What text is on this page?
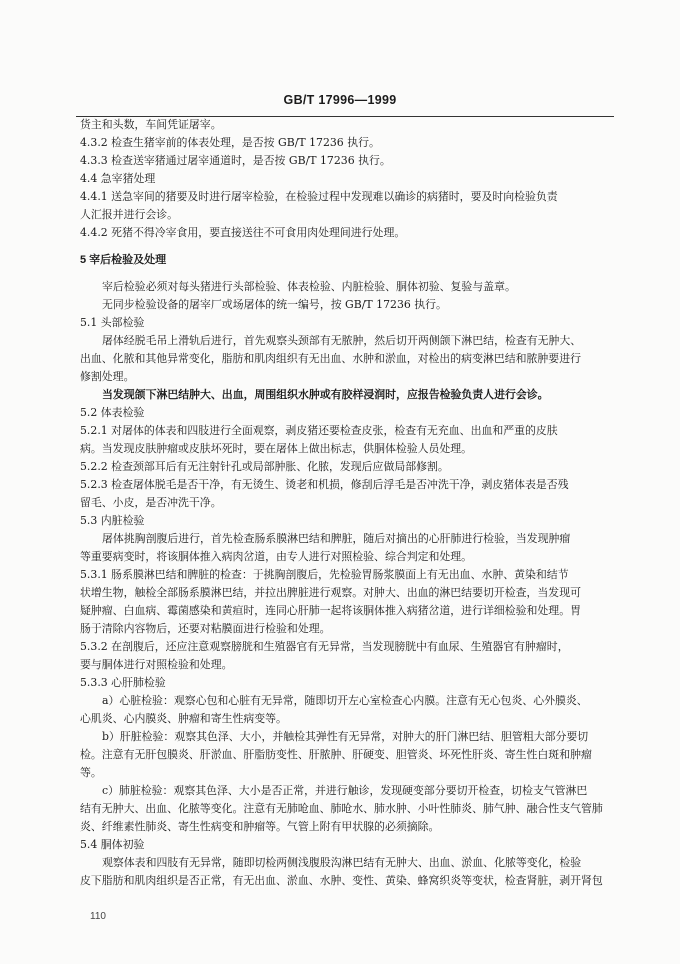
GB/T 17996—1999
货主和头数，车间凭证屠宰。
4.3.2 检查生猪宰前的体表处理，是否按 GB/T 17236 执行。
4.3.3 检查送宰猪通过屠宰通道时，是否按 GB/T 17236 执行。
4.4 急宰猪处理
4.4.1 送急宰间的猪要及时进行屠宰检验，在检验过程中发现难以确诊的病猪时，要及时向检验负责
人汇报并进行会诊。
4.4.2 死猪不得冷宰食用，要直接送往不可食用肉处理间进行处理。
5 宰后检验及处理
宰后检验必须对每头猪进行头部检验、体表检验、内脏检验、胴体初验、复验与盖章。
无同步检验设备的屠宰厂或场屠体的统一编号，按 GB/T 17236 执行。
5.1 头部检验
屠体经脱毛吊上滑轨后进行，首先观察头颈部有无脓肿，然后切开两侧颌下淋巴结，检查有无肿大、
出血、化脓和其他异常变化，脂肪和肌肉组织有无出血、水肿和淤血，对检出的病变淋巴结和脓肿要进行
修割处理。
当发现颌下淋巴结肿大、出血，周围组织水肿或有胶样浸润时，应报告检验负责人进行会诊。
5.2 体表检验
5.2.1 对屠体的体表和四肢进行全面观察，剥皮猪还要检查皮张，检查有无充血、出血和严重的皮肤
病。当发现皮肤肿瘤或皮肤坏死时，要在屠体上做出标志，供胴体检验人员处理。
5.2.2 检查颈部耳后有无注射针孔或局部肿胀、化脓，发现后应做局部修割。
5.2.3 检查屠体脱毛是否干净，有无烫生、烫老和机损，修刮后浮毛是否冲洗干净，剥皮猪体表是否残
留毛、小皮，是否冲洗干净。
5.3 内脏检验
屠体挑胸剖腹后进行，首先检查肠系膜淋巴结和脾脏，随后对摘出的心肝肺进行检验，当发现肿瘤
等重要病变时，将该胴体推入病肉岔道，由专人进行对照检验、综合判定和处理。
5.3.1 肠系膜淋巴结和脾脏的检查：于挑胸剖腹后，先检验胃肠浆膜面上有无出血、水肿、黄染和结节
状增生物，触检全部肠系膜淋巴结，并拉出脾脏进行观察。对肿大、出血的淋巴结要切开检查，当发现可
疑肿瘤、白血病、霉菌感染和黄疸时，连同心肝肺一起将该胴体推入病猪岔道，进行详细检验和处理。胃
肠于清除内容物后，还要对粘膜面进行检验和处理。
5.3.2 在剖腹后，还应注意观察膀胱和生殖器官有无异常，当发现膀胱中有血尿、生殖器官有肿瘤时，
要与胴体进行对照检验和处理。
5.3.3 心肝肺检验
a）心脏检验：观察心包和心脏有无异常，随即切开左心室检查心内膜。注意有无心包炎、心外膜炎、
心肌炎、心内膜炎、肿瘤和寄生性病变等。
b）肝脏检验：观察其色泽、大小，并触检其弹性有无异常，对肿大的肝门淋巴结、胆管粗大部分要切
检。注意有无肝包膜炎、肝淤血、肝脂肪变性、肝脓肿、肝硬变、胆管炎、坏死性肝炎、寄生性白斑和肿瘤
等。
c）肺脏检验：观察其色泽、大小是否正常，并进行触诊，发现硬变部分要切开检查，切检支气管淋巴
结有无肿大、出血、化脓等变化。注意有无肺呛血、肺呛水、肺水肿、小叶性肺炎、肺气肿、融合性支气管肺
炎、纤维素性肺炎、寄生性病变和肿瘤等。气管上附有甲状腺的必须摘除。
5.4 胴体初验
观察体表和四肢有无异常，随即切检两侧浅腹股沟淋巴结有无肿大、出血、淤血、化脓等变化，检验
皮下脂肪和肌肉组织是否正常，有无出血、淤血、水肿、变性、黄染、蜂窝织炎等变状，检查肾脏，剥开肾包
110
